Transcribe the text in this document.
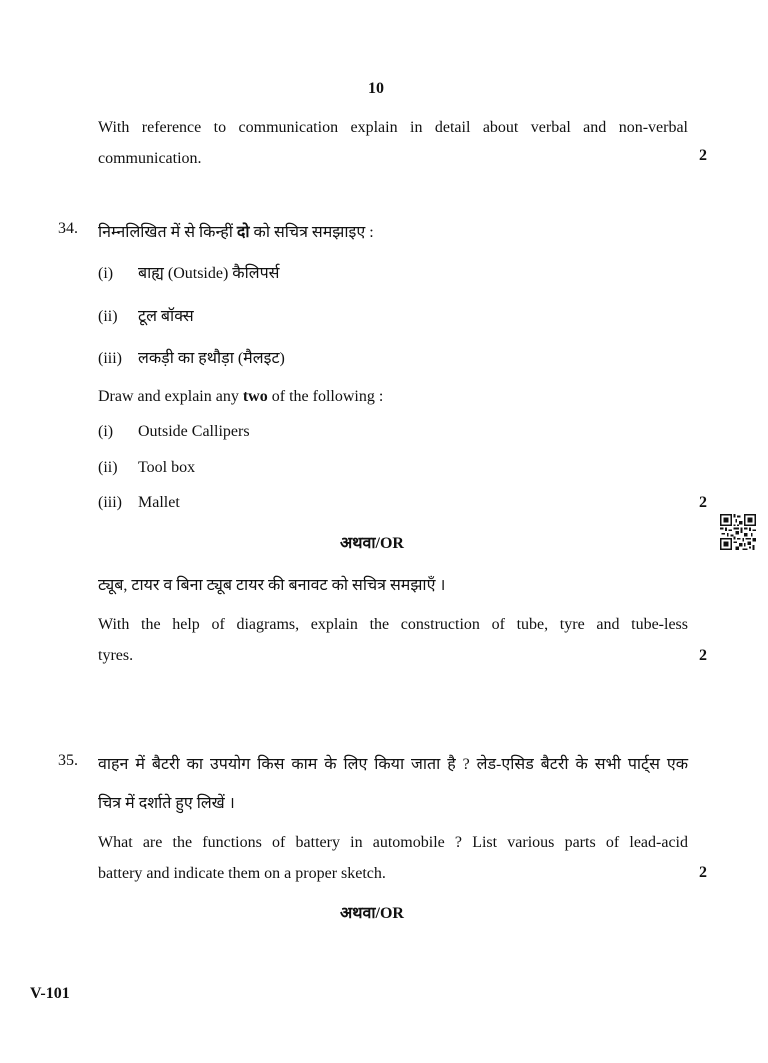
10
With reference to communication explain in detail about verbal and non-verbal
communication.	2
34. निम्नलिखित में से किन्हीं दो को सचित्र समझाइए :
(i) बाह्य (Outside) कैलिपर्स
(ii) टूल बॉक्स
(iii) लकड़ी का हथौड़ा (मैलइट)
Draw and explain any two of the following :
(i) Outside Callipers
(ii) Tool box
(iii) Mallet	2
अथवा/OR
ट्यूब, टायर व बिना ट्यूब टायर की बनावट को सचित्र समझाएँ ।
With the help of diagrams, explain the construction of tube, tyre and tube-less
tyres.	2
35. वाहन में बैटरी का उपयोग किस काम के लिए किया जाता है ? लेड-एसिड बैटरी के सभी पार्ट्स एक
चित्र में दर्शाते हुए लिखें ।
What are the functions of battery in automobile ? List various parts of lead-acid
battery and indicate them on a proper sketch.	2
अथवा/OR
V-101
